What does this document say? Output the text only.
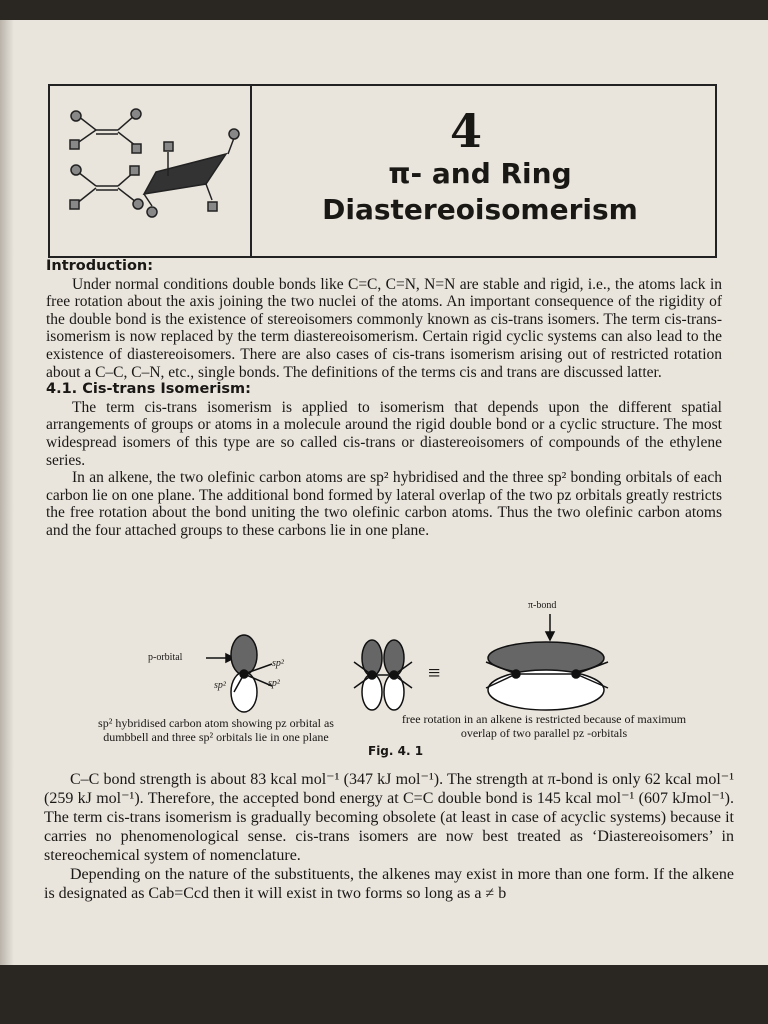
4
π- and Ring
Diastereoisomerism
Introduction:

Under normal conditions double bonds like C=C, C=N, N=N are stable and rigid, i.e., the atoms lack in free rotation about the axis joining the two nuclei of the atoms. An important consequence of the rigidity of the double bond is the existence of stereoisomers commonly known as cis-trans isomers. The term cis-trans-isomerism is now replaced by the term diastereoisomerism. Certain rigid cyclic systems can also lead to the existence of diastereoisomers. There are also cases of cis-trans isomerism arising out of restricted rotation about a C–C, C–N, etc., single bonds. The definitions of the terms cis and trans are discussed latter.

4.1. Cis-trans Isomerism:

The term cis-trans isomerism is applied to isomerism that depends upon the different spatial arrangements of groups or atoms in a molecule around the rigid double bond or a cyclic structure. The most widespread isomers of this type are so called cis-trans or diastereoisomers of compounds of the ethylene series.

In an alkene, the two olefinic carbon atoms are sp² hybridised and the three sp² bonding orbitals of each carbon lie on one plane. The additional bond formed by lateral overlap of the two pz orbitals greatly restricts the free rotation about the bond uniting the two olefinic carbon atoms. Thus the two olefinic carbon atoms and the four attached groups to these carbons lie in one plane.

p-orbital
sp²
sp²	sp²
π-bond
≡
sp² hybridised carbon atom showing pz orbital as dumbbell and three sp² orbitals lie in one plane
free rotation in an alkene is restricted because of maximum overlap of two parallel pz -orbitals
Fig. 4. 1

C–C bond strength is about 83 kcal mol⁻¹ (347 kJ mol⁻¹). The strength at π-bond is only 62 kcal mol⁻¹ (259 kJ mol⁻¹). Therefore, the accepted bond energy at C=C double bond is 145 kcal mol⁻¹ (607 kJmol⁻¹). The term cis-trans isomerism is gradually becoming obsolete (at least in case of acyclic systems) because it carries no phenomenological sense. cis-trans isomers are now best treated as ‘Diastereoisomers’ in stereochemical system of nomenclature.

Depending on the nature of the substituents, the alkenes may exist in more than one form. If the alkene is designated as Cab=Ccd then it will exist in two forms so long as a ≠ b
